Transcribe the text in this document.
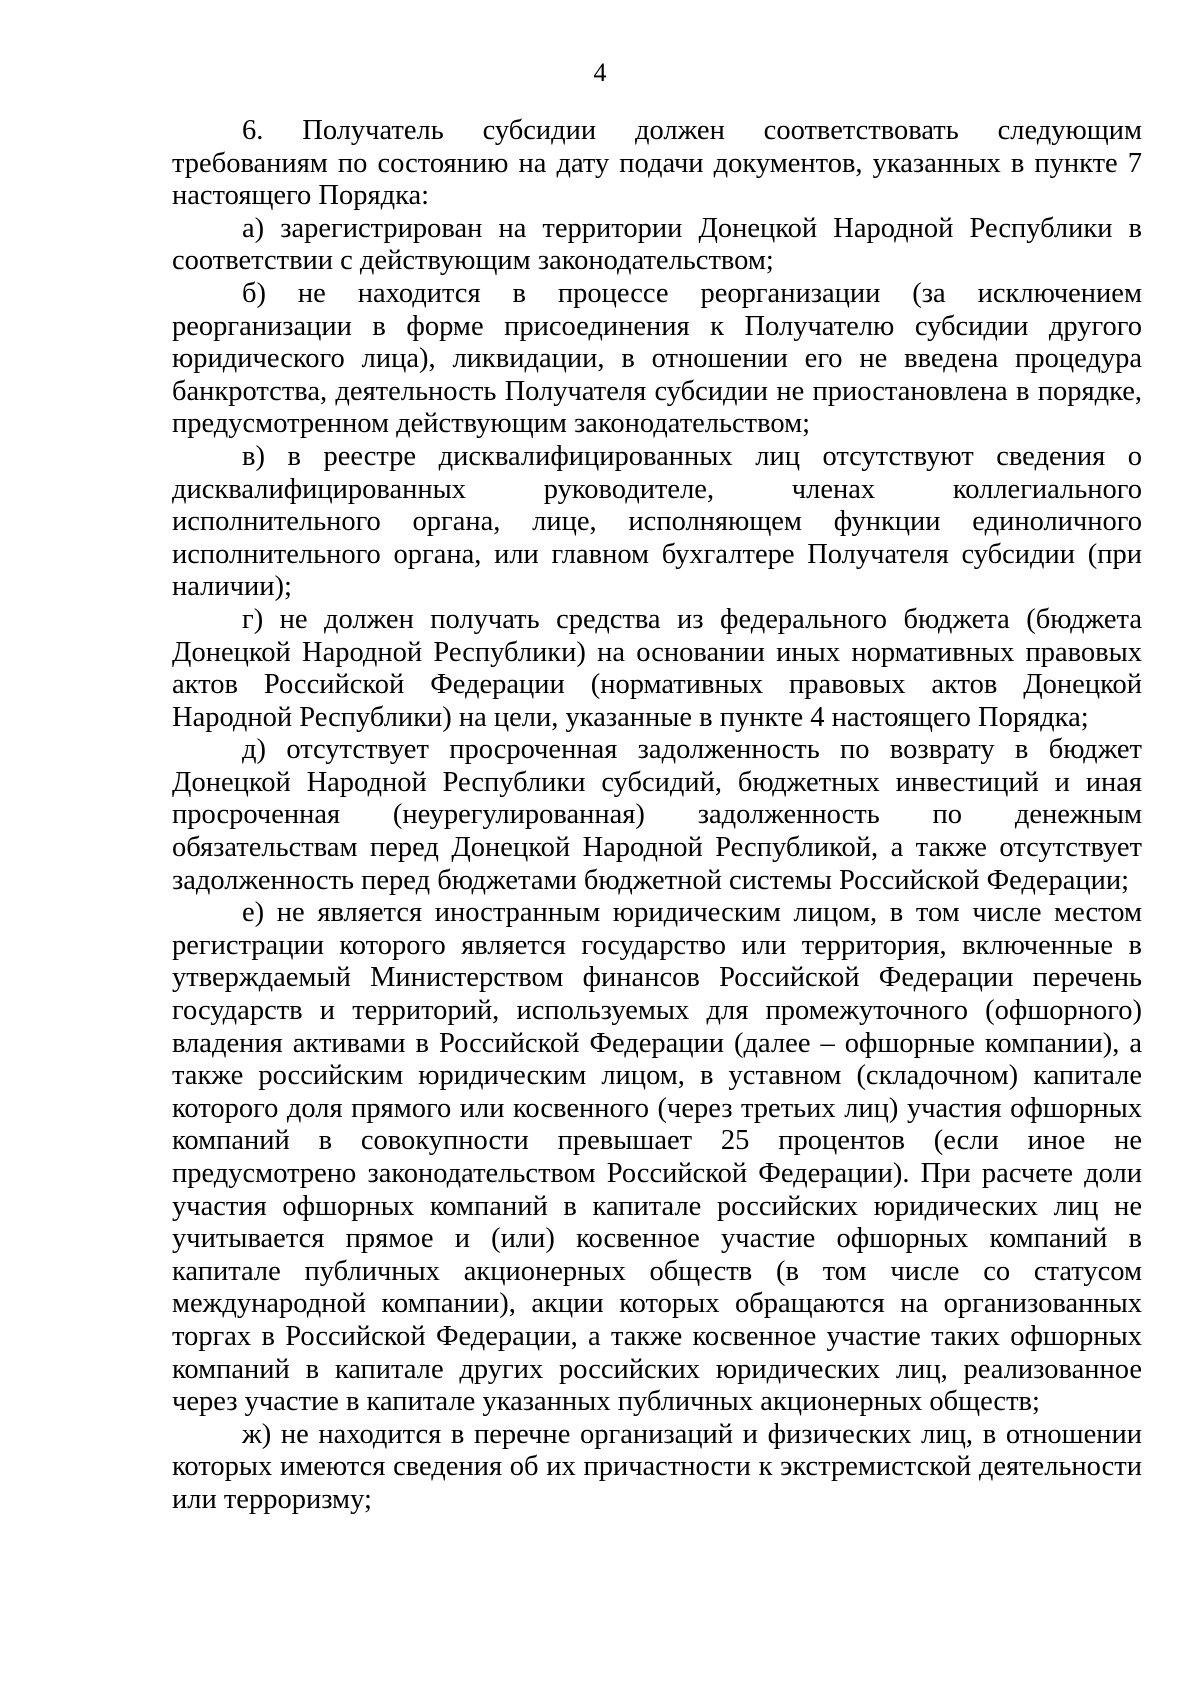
4

6. Получатель субсидии должен соответствовать следующим требованиям по состоянию на дату подачи документов, указанных в пункте 7 настоящего Порядка:

а) зарегистрирован на территории Донецкой Народной Республики в соответствии с действующим законодательством;

б) не находится в процессе реорганизации (за исключением реорганизации в форме присоединения к Получателю субсидии другого юридического лица), ликвидации, в отношении его не введена процедура банкротства, деятельность Получателя субсидии не приостановлена в порядке, предусмотренном действующим законодательством;

в) в реестре дисквалифицированных лиц отсутствуют сведения о дисквалифицированных руководителе, членах коллегиального исполнительного органа, лице, исполняющем функции единоличного исполнительного органа, или главном бухгалтере Получателя субсидии (при наличии);

г) не должен получать средства из федерального бюджета (бюджета Донецкой Народной Республики) на основании иных нормативных правовых актов Российской Федерации (нормативных правовых актов Донецкой Народной Республики) на цели, указанные в пункте 4 настоящего Порядка;

д) отсутствует просроченная задолженность по возврату в бюджет Донецкой Народной Республики субсидий, бюджетных инвестиций и иная просроченная (неурегулированная) задолженность по денежным обязательствам перед Донецкой Народной Республикой, а также отсутствует задолженность перед бюджетами бюджетной системы Российской Федерации;

е) не является иностранным юридическим лицом, в том числе местом регистрации которого является государство или территория, включенные в утверждаемый Министерством финансов Российской Федерации перечень государств и территорий, используемых для промежуточного (офшорного) владения активами в Российской Федерации (далее – офшорные компании), а также российским юридическим лицом, в уставном (складочном) капитале которого доля прямого или косвенного (через третьих лиц) участия офшорных компаний в совокупности превышает 25 процентов (если иное не предусмотрено законодательством Российской Федерации). При расчете доли участия офшорных компаний в капитале российских юридических лиц не учитывается прямое и (или) косвенное участие офшорных компаний в капитале публичных акционерных обществ (в том числе со статусом международной компании), акции которых обращаются на организованных торгах в Российской Федерации, а также косвенное участие таких офшорных компаний в капитале других российских юридических лиц, реализованное через участие в капитале указанных публичных акционерных обществ;

ж) не находится в перечне организаций и физических лиц, в отношении которых имеются сведения об их причастности к экстремистской деятельности или терроризму;
